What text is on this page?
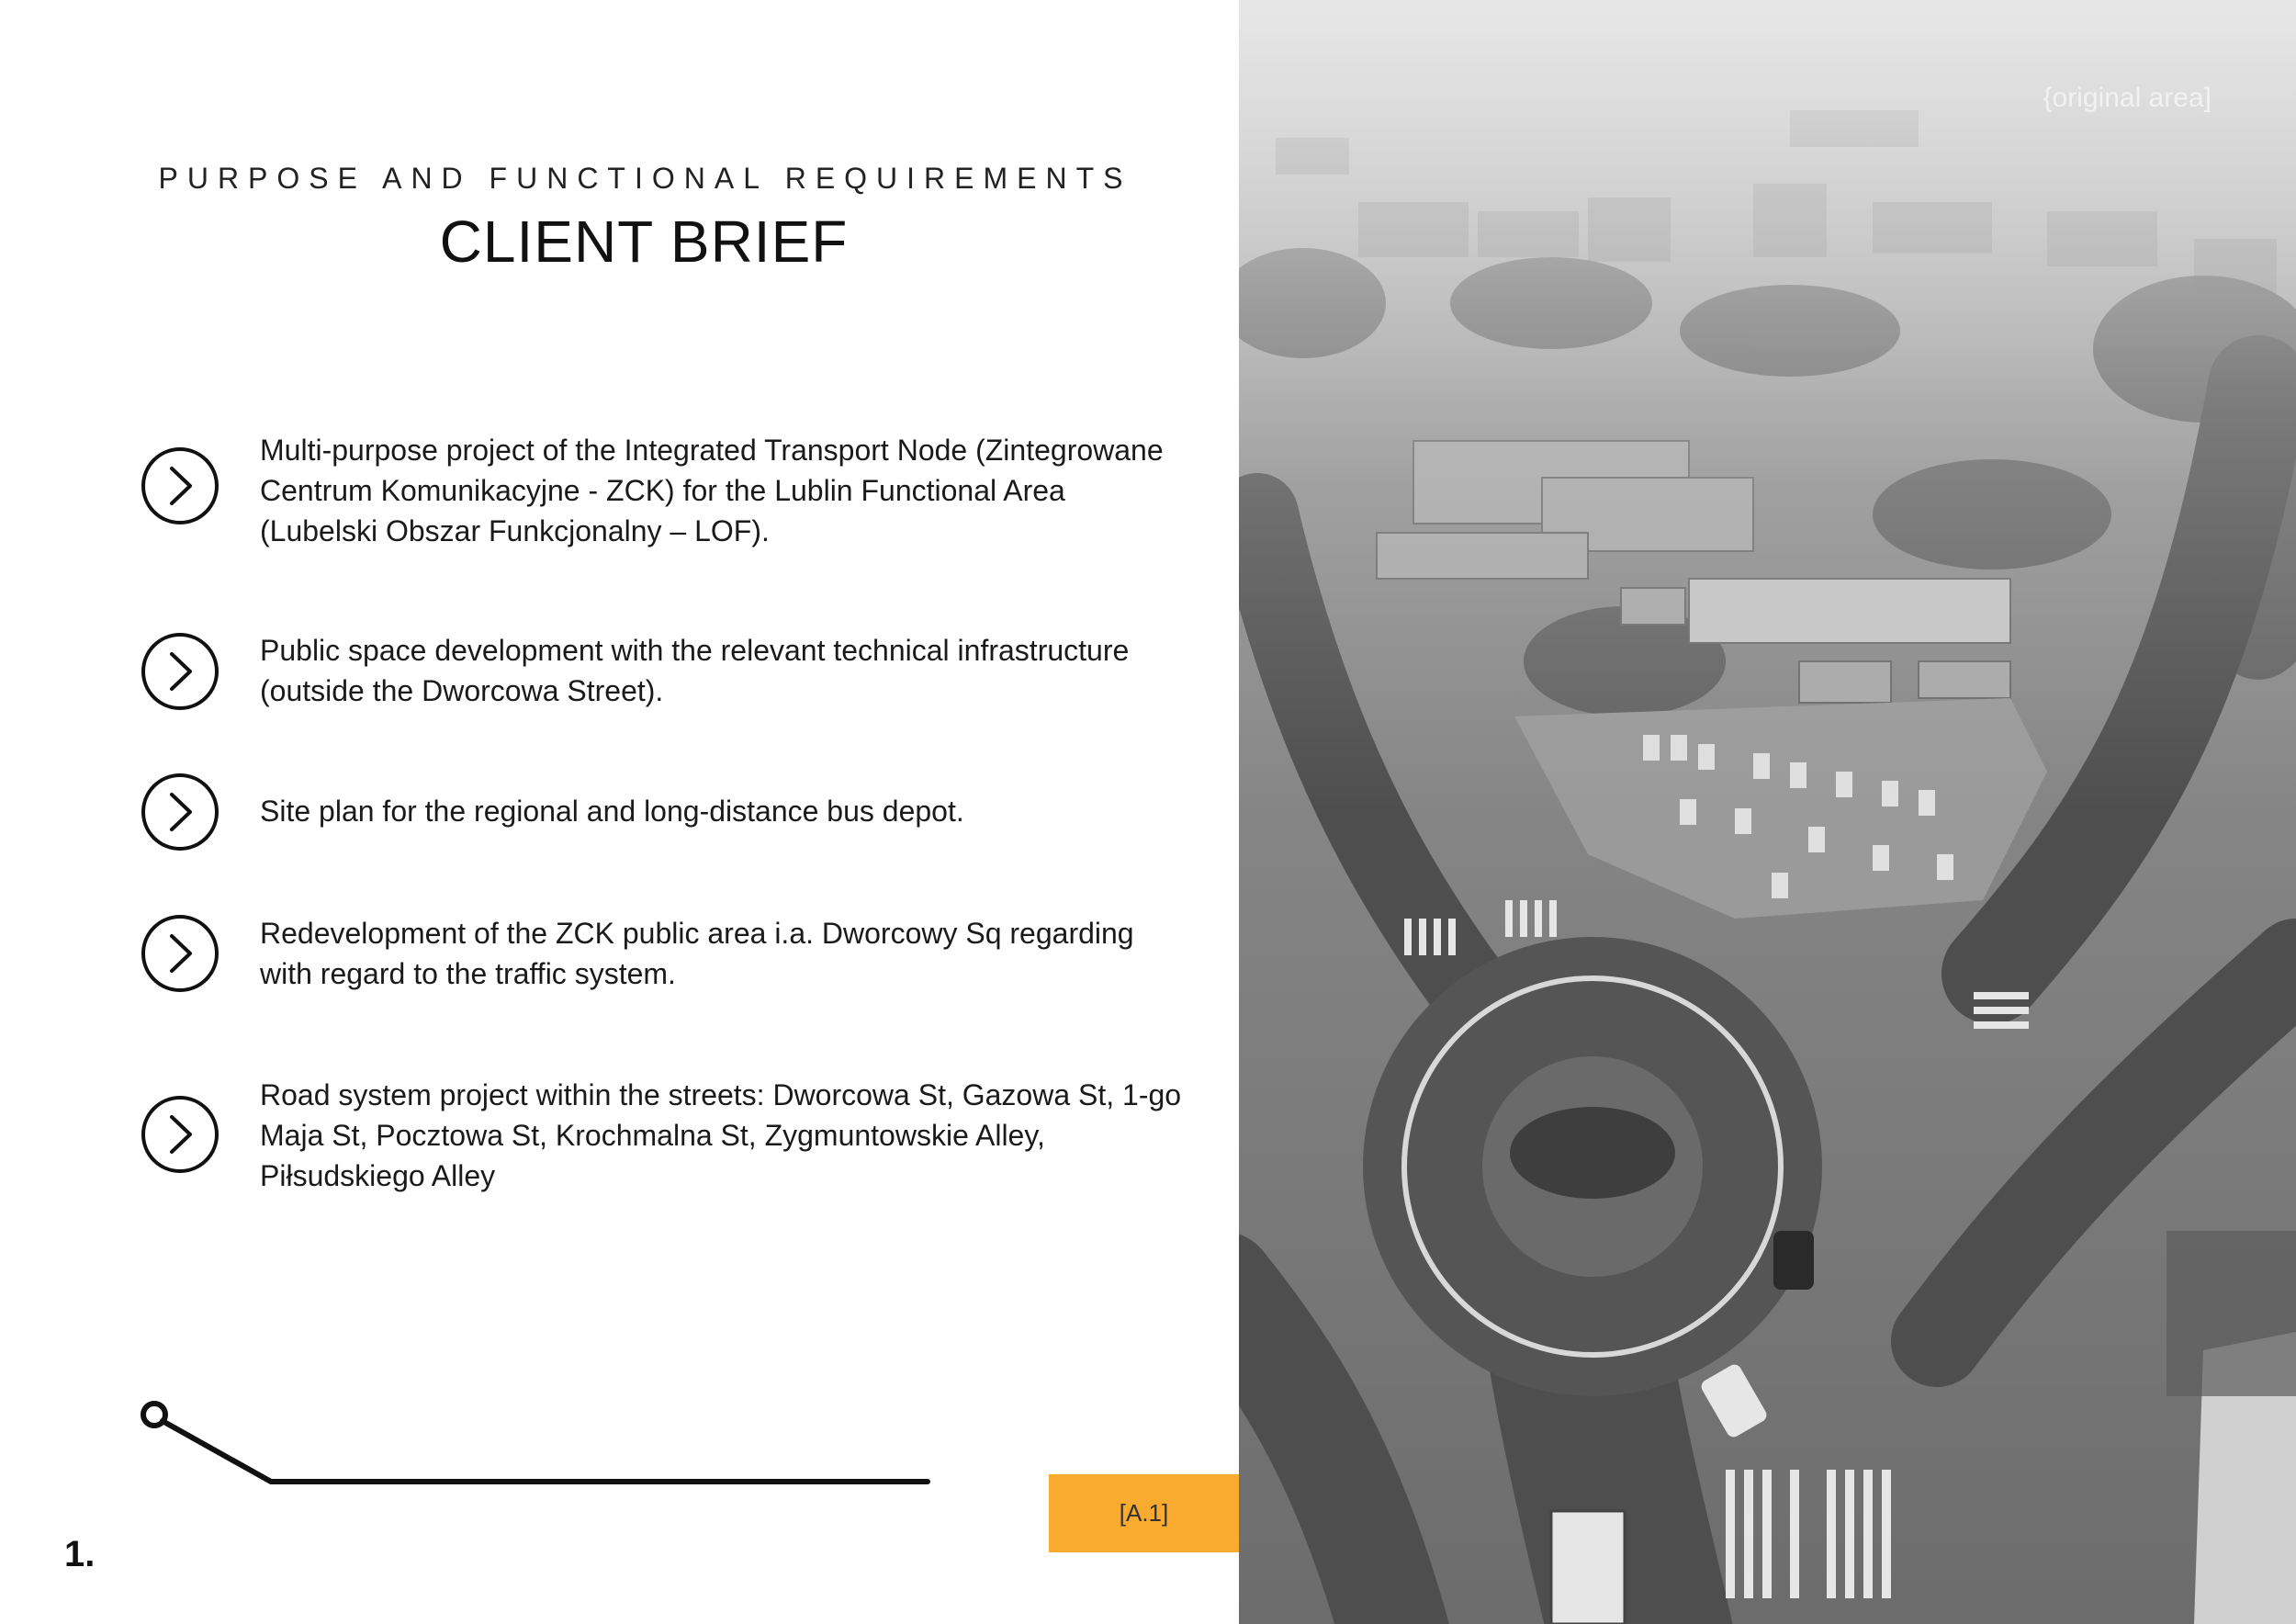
PURPOSE AND FUNCTIONAL REQUIREMENTS
CLIENT BRIEF
Multi-purpose project of the Integrated Transport Node (Zintegrowane Centrum Komunikacyjne - ZCK) for the Lublin Functional Area (Lubelski Obszar Funkcjonalny – LOF).
Public space development with the relevant technical infrastructure (outside the Dworcowa Street).
Site plan for the regional and long-distance bus depot.
Redevelopment of the ZCK public area i.a. Dworcowy Sq regarding with regard to the traffic system.
Road system project within the streets: Dworcowa St, Gazowa St, 1-go Maja St, Pocztowa St, Krochmalna St, Zygmuntowskie Alley, Piłsudskiego Alley
[A.1]
1.
{original area]
